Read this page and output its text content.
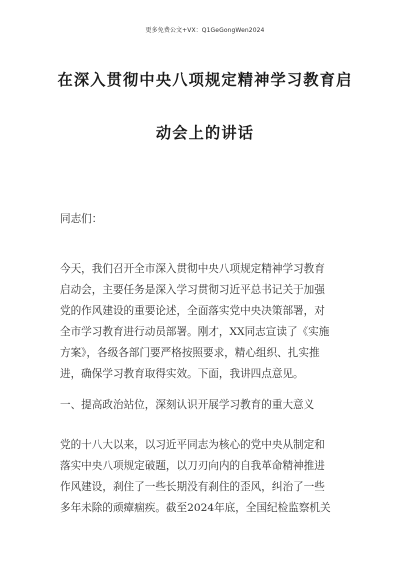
更多免费公文+VX：Q1GeGongWen2024
在深入贯彻中央八项规定精神学习教育启
动会上的讲话
同志们：
今天，我们召开全市深入贯彻中央八项规定精神学习教育
启动会，主要任务是深入学习贯彻习近平总书记关于加强
党的作风建设的重要论述，全面落实党中央决策部署，对
全市学习教育进行动员部署。刚才，XX同志宣读了《实施
方案》，各级各部门要严格按照要求，精心组织、扎实推
进，确保学习教育取得实效。下面，我讲四点意见。
一、提高政治站位，深刻认识开展学习教育的重大意义
党的十八大以来，以习近平同志为核心的党中央从制定和
落实中央八项规定破题，以刀刃向内的自我革命精神推进
作风建设，刹住了一些长期没有刹住的歪风，纠治了一些
多年未除的顽瘴痼疾。截至2024年底，全国纪检监察机关
